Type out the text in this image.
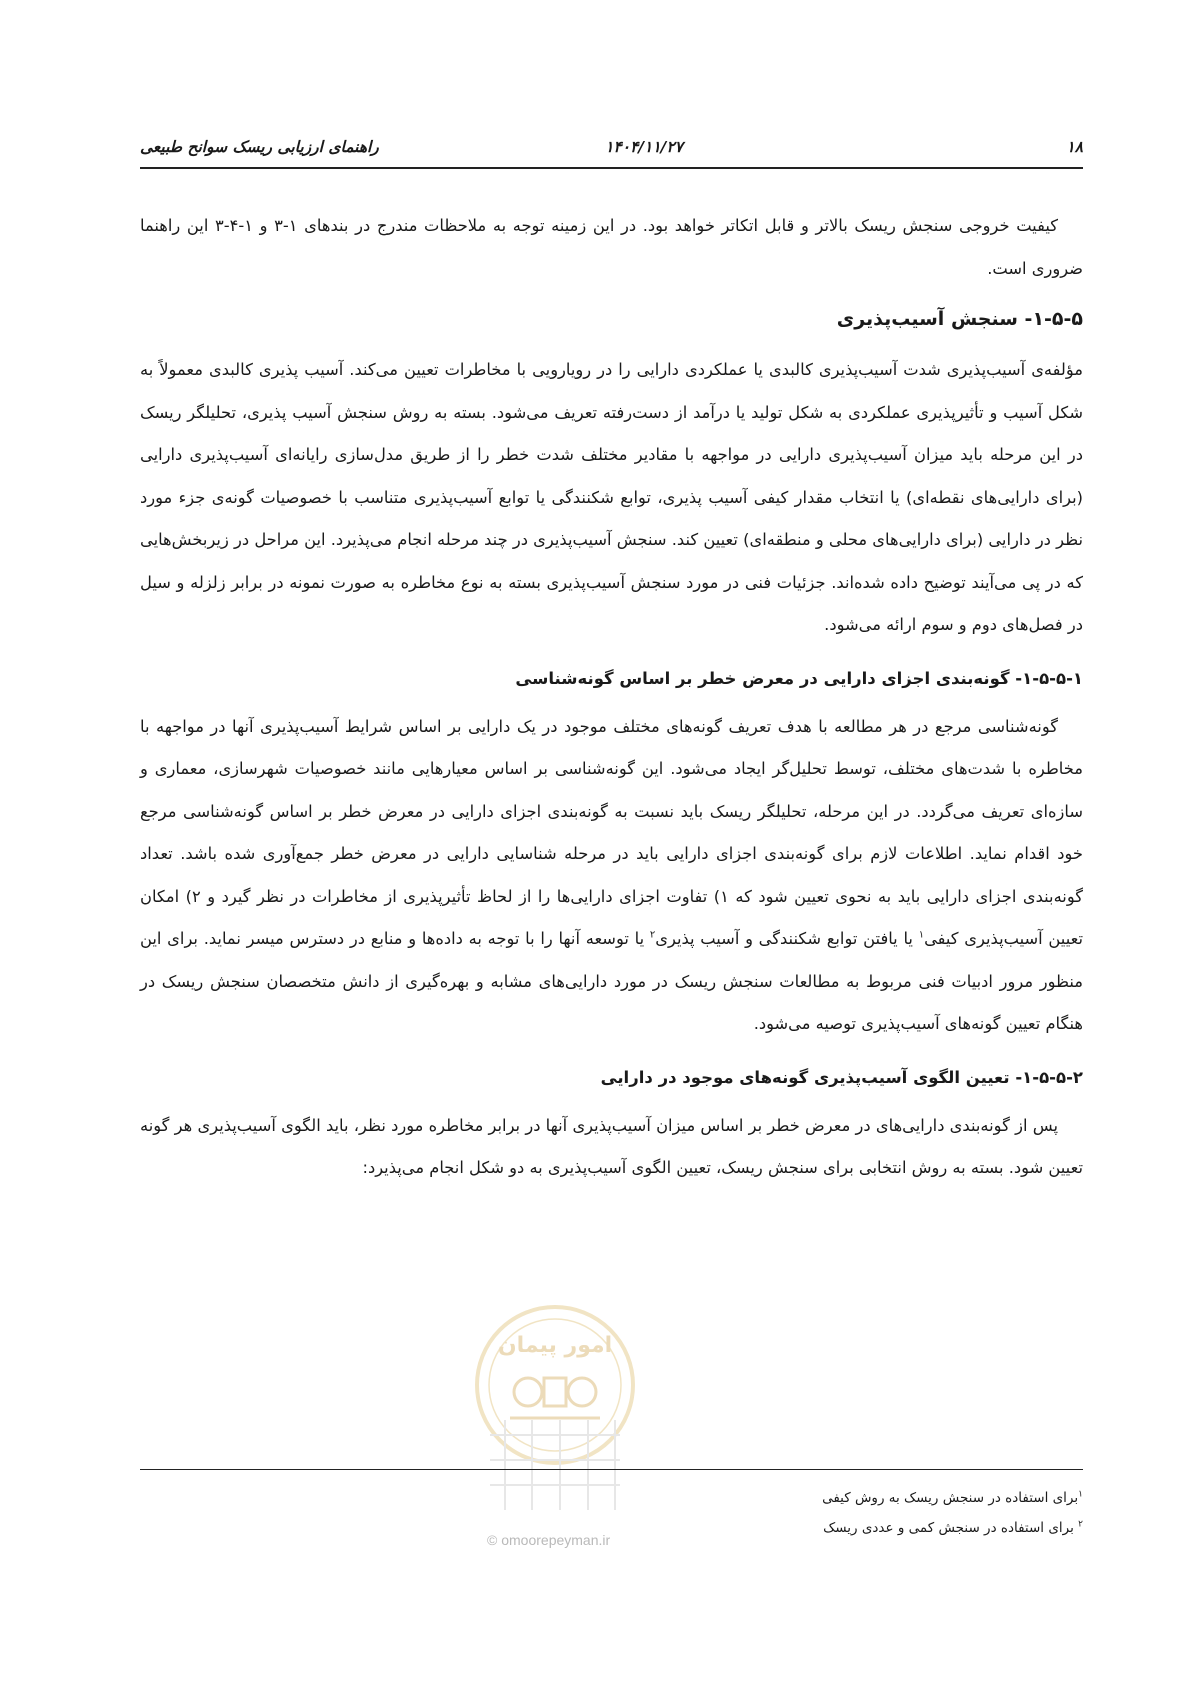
۱۸
۱۴۰۴/۱۱/۲۷
راهنمای ارزیابی ریسک سوانح طبیعی
امور پیمان
© omoorepeyman.ir

کیفیت خروجی سنجش ریسک بالاتر و قابل اتکاتر خواهد بود. در این زمینه توجه به ملاحظات مندرج در بندهای ۱-۳ و ۱-۴-۳ این راهنما ضروری است.

۱-۵-۵- سنجش آسیب‌پذیری

مؤلفه‌ی آسیب‌پذیری شدت آسیب‌پذیری کالبدی یا عملکردی دارایی را در رویارویی با مخاطرات تعیین می‌کند. آسیب پذیری کالبدی معمولاً به شکل آسیب و تأثیرپذیری عملکردی به شکل تولید یا درآمد از دست‌رفته تعریف می‌شود. بسته به روش سنجش آسیب پذیری، تحلیلگر ریسک در این مرحله باید میزان آسیب‌پذیری دارایی در مواجهه با مقادیر مختلف شدت خطر را از طریق مدل‌سازی رایانه‌ای آسیب‌پذیری دارایی (برای دارایی‌های نقطه‌ای) یا انتخاب مقدار کیفی آسیب پذیری، توابع شکنندگی یا توابع آسیب‌پذیری متناسب با خصوصیات گونه‌ی جزء مورد نظر در دارایی (برای دارایی‌های محلی و منطقه‌ای) تعیین کند. سنجش آسیب‌پذیری در چند مرحله انجام می‌پذیرد. این مراحل در زیربخش‌هایی که در پی می‌آیند توضیح داده شده‌اند. جزئیات فنی در مورد سنجش آسیب‌پذیری بسته به نوع مخاطره به صورت نمونه در برابر زلزله و سیل در فصل‌های دوم و سوم ارائه می‌شود.

۱-۵-۵-۱- گونه‌بندی اجزای دارایی در معرض خطر بر اساس گونه‌شناسی

گونه‌شناسی مرجع در هر مطالعه با هدف تعریف گونه‌های مختلف موجود در یک دارایی بر اساس شرایط آسیب‌پذیری آنها در مواجهه با مخاطره با شدت‌های مختلف، توسط تحلیل‌گر ایجاد می‌شود. این گونه‌شناسی بر اساس معیارهایی مانند خصوصیات شهرسازی، معماری و سازه‌ای تعریف می‌گردد. در این مرحله، تحلیلگر ریسک باید نسبت به گونه‌بندی اجزای دارایی در معرض خطر بر اساس گونه‌شناسی مرجع خود اقدام نماید. اطلاعات لازم برای گونه‌بندی اجزای دارایی باید در مرحله شناسایی دارایی در معرض خطر جمع‌آوری شده باشد. تعداد گونه‌بندی اجزای دارایی باید به نحوی تعیین شود که ۱) تفاوت اجزای دارایی‌ها را از لحاظ تأثیرپذیری از مخاطرات در نظر گیرد و ۲) امکان تعیین آسیب‌پذیری کیفی$^۱$ یا یافتن توابع شکنندگی و آسیب پذیری$^۲$ یا توسعه آنها را با توجه به داده‌ها و منابع در دسترس میسر نماید. برای این منظور مرور ادبیات فنی مربوط به مطالعات سنجش ریسک در مورد دارایی‌های مشابه و بهره‌گیری از دانش متخصصان سنجش ریسک در هنگام تعیین گونه‌های آسیب‌پذیری توصیه می‌شود.

۱-۵-۵-۲- تعیین الگوی آسیب‌پذیری گونه‌های موجود در دارایی

پس از گونه‌بندی دارایی‌های در معرض خطر بر اساس میزان آسیب‌پذیری آنها در برابر مخاطره مورد نظر، باید الگوی آسیب‌پذیری هر گونه تعیین شود. بسته به روش انتخابی برای سنجش ریسک، تعیین الگوی آسیب‌پذیری به دو شکل انجام می‌پذیرد:

$^۱$برای استفاده در سنجش ریسک به روش کیفی
$^۲$ برای استفاده در سنجش کمی و عددی ریسک
